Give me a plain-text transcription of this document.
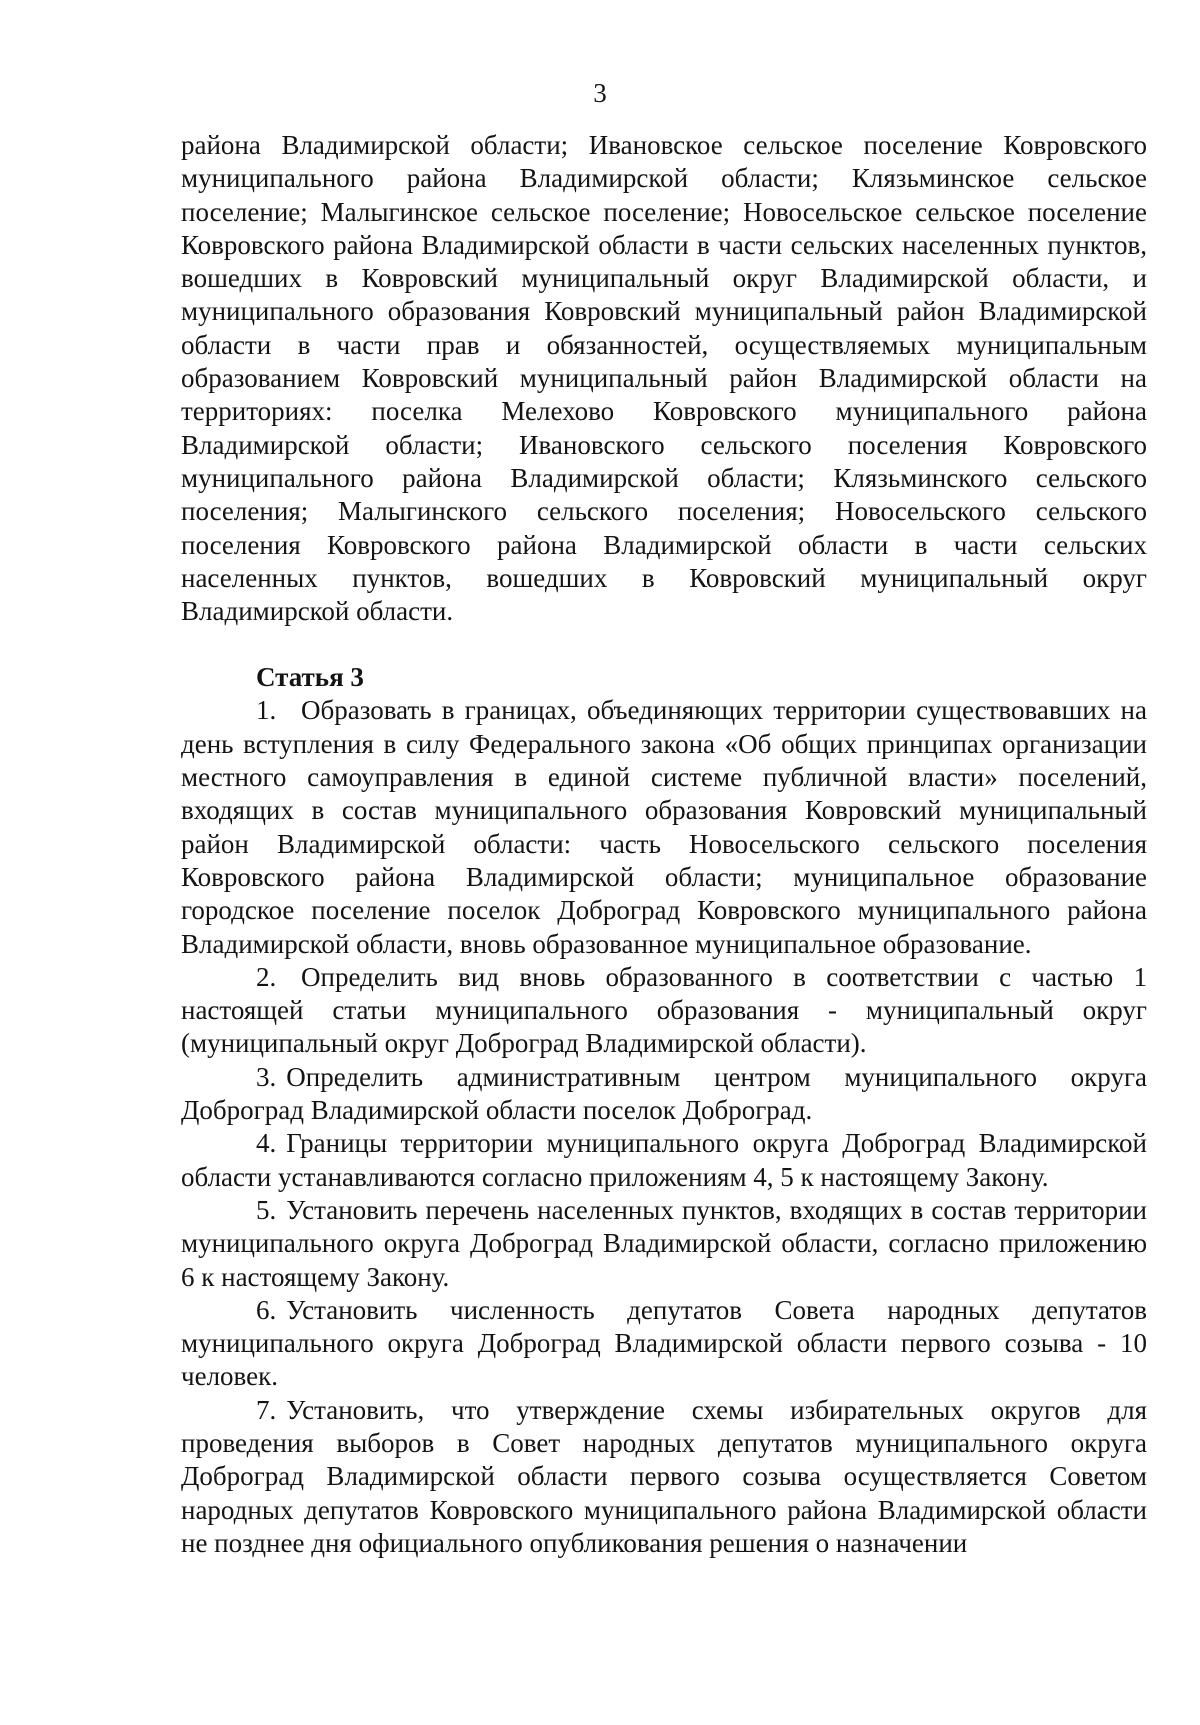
3

района Владимирской области; Ивановское сельское поселение Ковровского муниципального района Владимирской области; Клязьминское сельское поселение; Малыгинское сельское поселение; Новосельское сельское поселение Ковровского района Владимирской области в части сельских населенных пунктов, вошедших в Ковровский муниципальный округ Владимирской области, и муниципального образования Ковровский муниципальный район Владимирской области в части прав и обязанностей, осуществляемых муниципальным образованием Ковровский муниципальный район Владимирской области на территориях: поселка Мелехово Ковровского муниципального района Владимирской области; Ивановского сельского поселения Ковровского муниципального района Владимирской области; Клязьминского сельского поселения; Малыгинского сельского поселения; Новосельского сельского поселения Ковровского района Владимирской области в части сельских населенных пунктов, вошедших в Ковровский муниципальный округ Владимирской области.

Статья 3

1. Образовать в границах, объединяющих территории существовавших на день вступления в силу Федерального закона «Об общих принципах организации местного самоуправления в единой системе публичной власти» поселений, входящих в состав муниципального образования Ковровский муниципальный район Владимирской области: часть Новосельского сельского поселения Ковровского района Владимирской области; муниципальное образование городское поселение поселок Доброград Ковровского муниципального района Владимирской области, вновь образованное муниципальное образование.

2. Определить вид вновь образованного в соответствии с частью 1 настоящей статьи муниципального образования - муниципальный округ (муниципальный округ Доброград Владимирской области).

3. Определить административным центром муниципального округа Доброград Владимирской области поселок Доброград.

4. Границы территории муниципального округа Доброград Владимирской области устанавливаются согласно приложениям 4, 5 к настоящему Закону.

5. Установить перечень населенных пунктов, входящих в состав территории муниципального округа Доброград Владимирской области, согласно приложению 6 к настоящему Закону.

6. Установить численность депутатов Совета народных депутатов муниципального округа Доброград Владимирской области первого созыва - 10 человек.

7. Установить, что утверждение схемы избирательных округов для проведения выборов в Совет народных депутатов муниципального округа Доброград Владимирской области первого созыва осуществляется Советом народных депутатов Ковровского муниципального района Владимирской области не позднее дня официального опубликования решения о назначении
